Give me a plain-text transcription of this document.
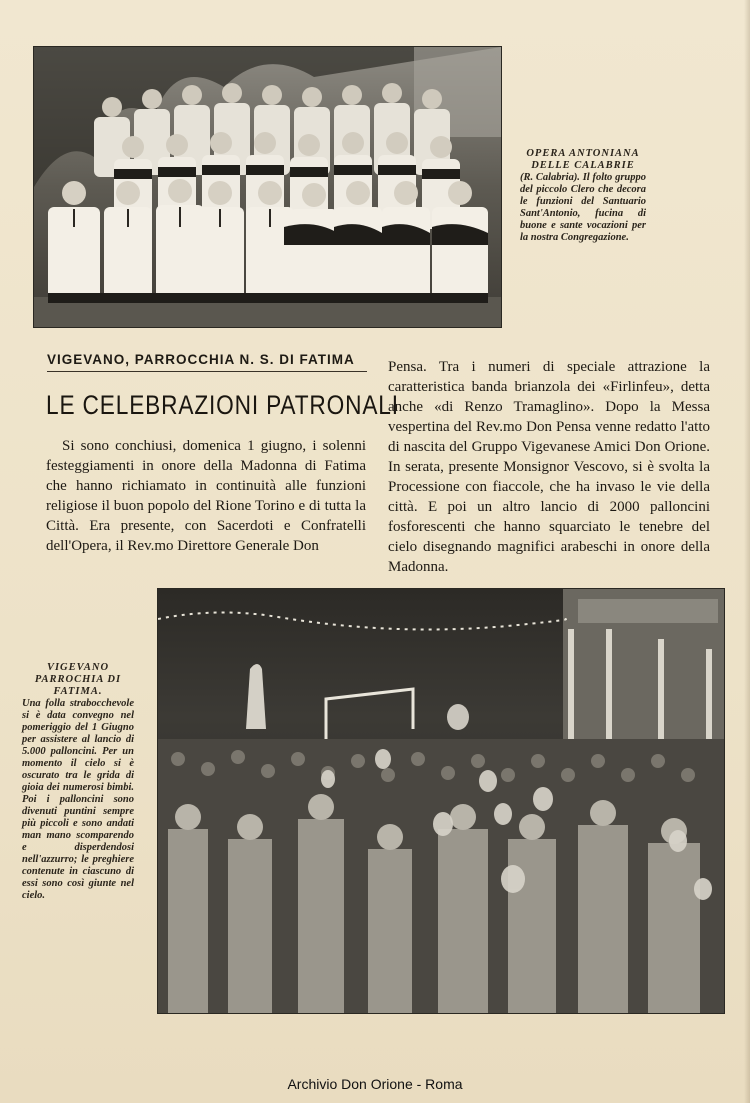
OPERA ANTONIANA DELLE CALABRIE
(R. Calabria). Il folto gruppo del piccolo Clero che decora le funzioni del Santuario Sant'Antonio, fucina di buone e sante vocazioni per la nostra Congregazione.
VIGEVANO, PARROCCHIA N. S. DI FATIMA
LE CELEBRAZIONI PATRONALI
Si sono conchiusi, domenica 1 giugno, i solenni festeggiamenti in onore della Madonna di Fatima che hanno richiamato in continuità alle funzioni religiose il buon popolo del Rione Torino e di tutta la Città. Era presente, con Sacerdoti e Confratelli dell'Opera, il Rev.mo Direttore Generale Don
Pensa. Tra i numeri di speciale attrazione la caratteristica banda brianzola dei «Firlinfeu», detta anche «di Renzo Tramaglino». Dopo la Messa vespertina del Rev.mo Don Pensa venne redatto l'atto di nascita del Gruppo Vigevanese Amici Don Orione. In serata, presente Monsignor Vescovo, si è svolta la Processione con fiaccole, che ha invaso le vie della città. E poi un altro lancio di 2000 palloncini fosforescenti che hanno squarciato le tenebre del cielo disegnando magnifici arabeschi in onore della Madonna.
VIGEVANO PARROCHIA DI FATIMA.
Una folla strabocchevole si è data convegno nel pomeriggio del 1 Giugno per assistere al lancio di 5.000 palloncini. Per un momento il cielo si è oscurato tra le grida di gioia dei numerosi bimbi. Poi i palloncini sono divenuti puntini sempre più piccoli e sono andati man mano scomparendo e disperdendosi nell'azzurro; le preghiere contenute in ciascuno di essi sono così giunte nel cielo.
Archivio Don Orione - Roma
